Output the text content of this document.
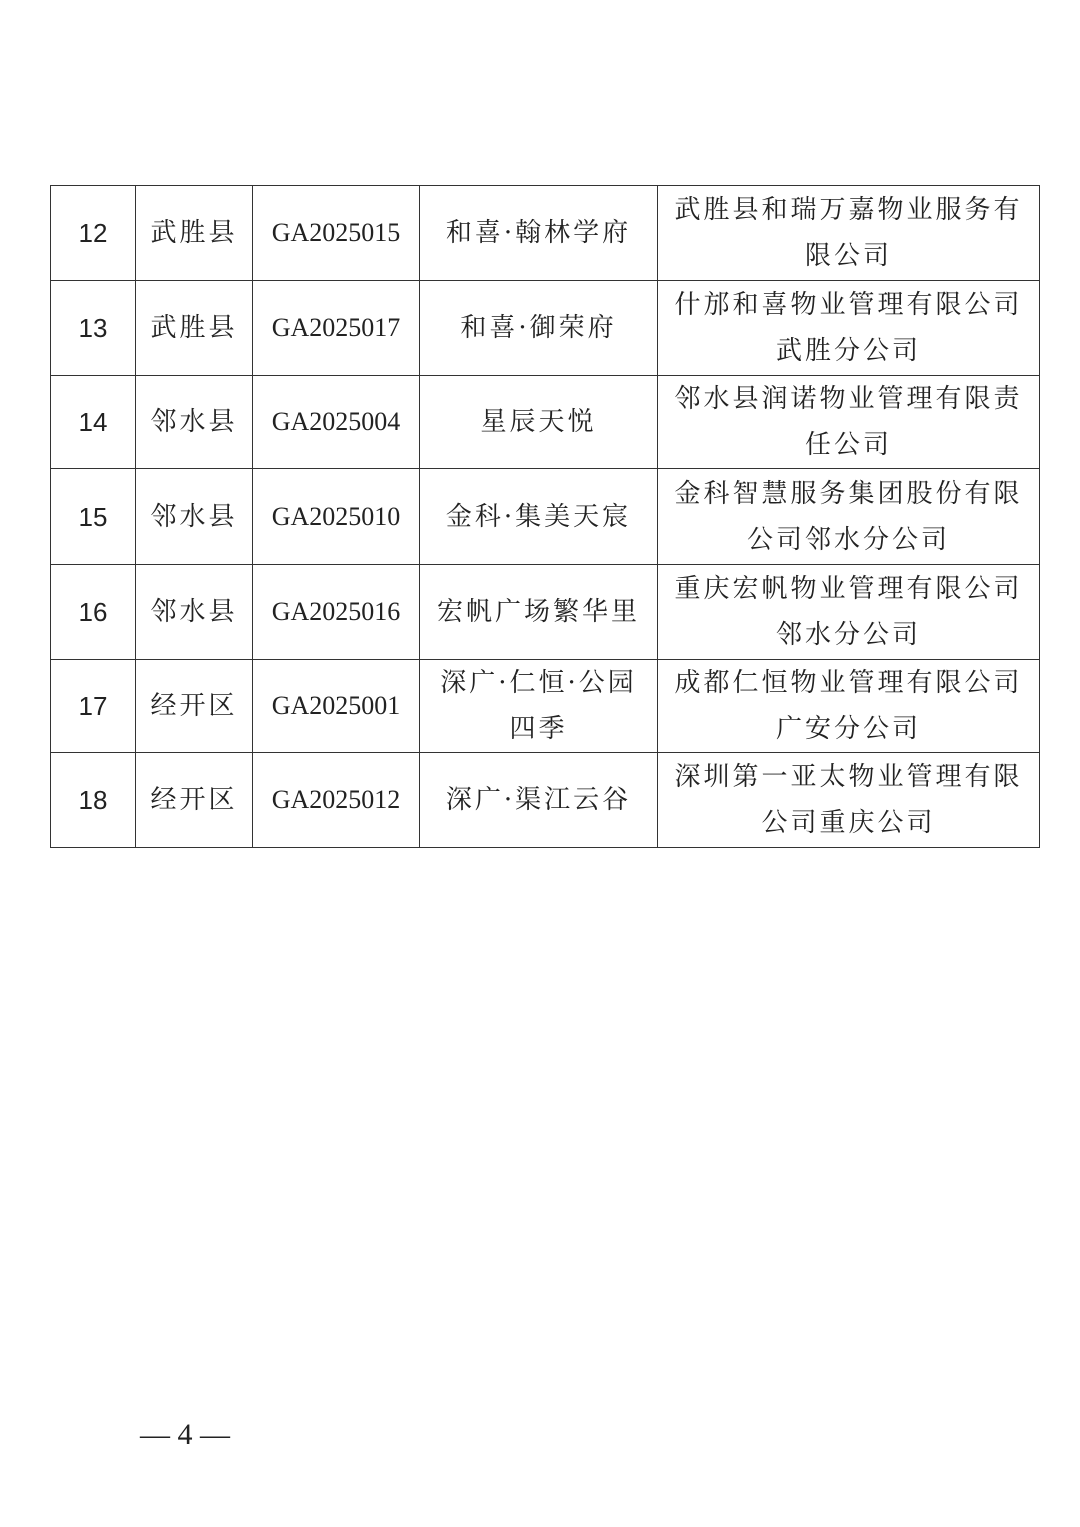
12	武胜县	GA2025015	和喜·翰林学府	武胜县和瑞万嘉物业服务有限公司
13	武胜县	GA2025017	和喜·御荣府	什邡和喜物业管理有限公司武胜分公司
14	邻水县	GA2025004	星辰天悦	邻水县润诺物业管理有限责任公司
15	邻水县	GA2025010	金科·集美天宸	金科智慧服务集团股份有限公司邻水分公司
16	邻水县	GA2025016	宏帆广场繁华里	重庆宏帆物业管理有限公司邻水分公司
17	经开区	GA2025001	深广·仁恒·公园四季	成都仁恒物业管理有限公司广安分公司
18	经开区	GA2025012	深广·渠江云谷	深圳第一亚太物业管理有限公司重庆公司
— 4 —
